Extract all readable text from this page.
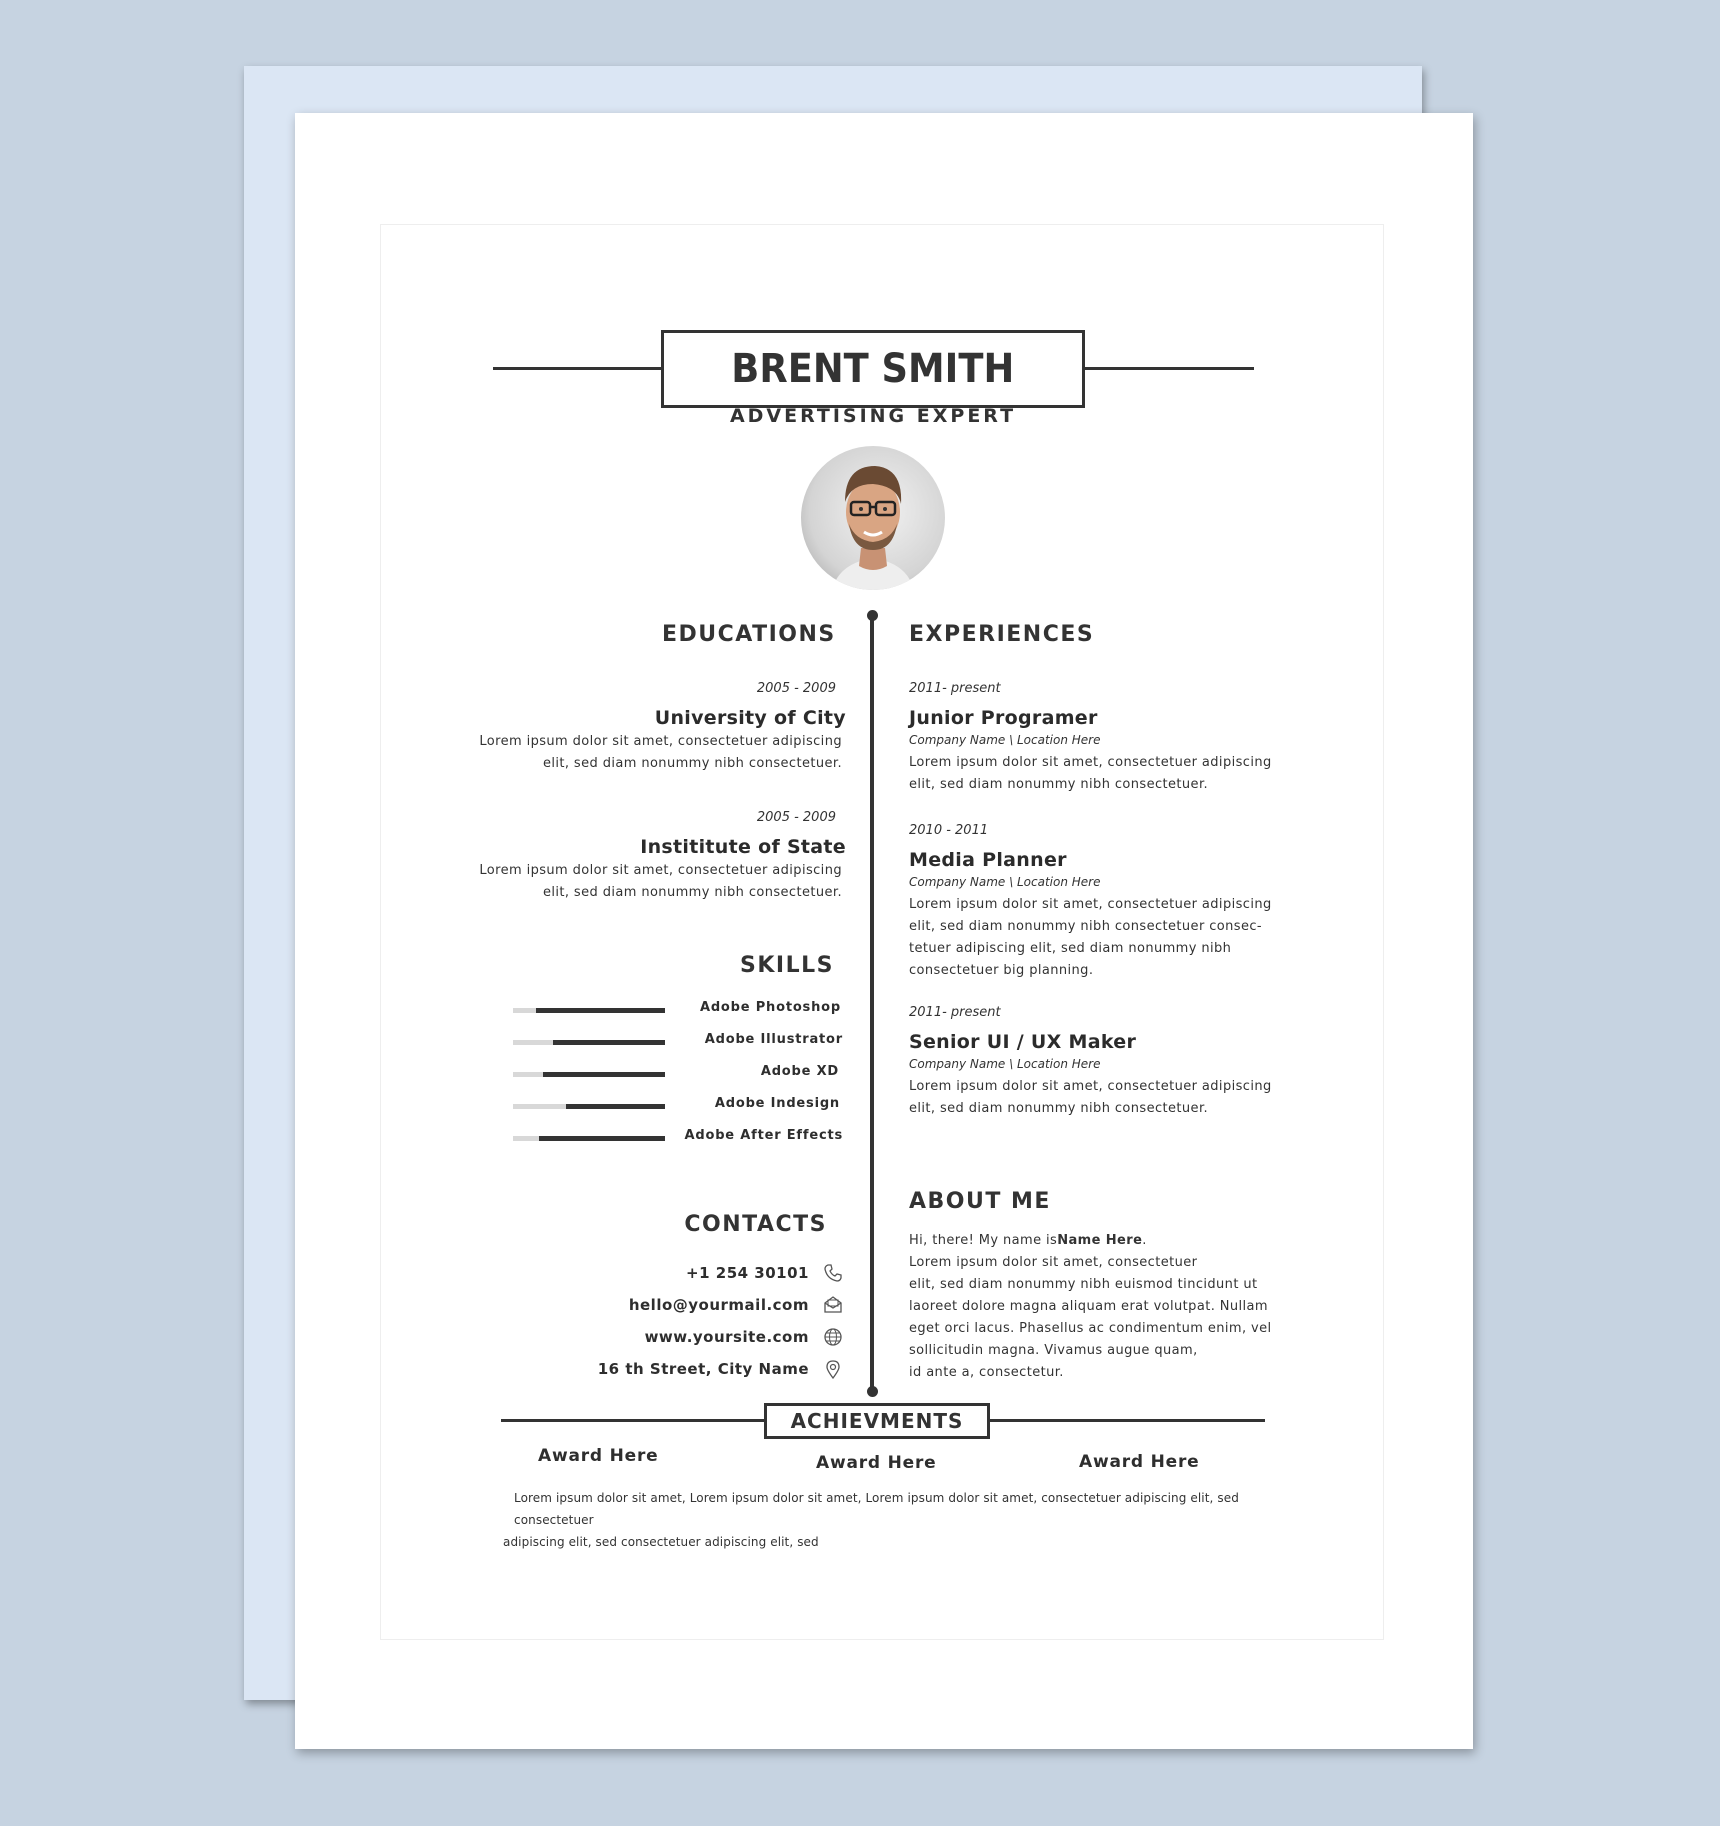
BRENT SMITH
ADVERTISING EXPERT
EDUCATIONS
2005 - 2009
University of City
Lorem ipsum dolor sit amet, consectetuer adipiscing
elit, sed diam nonummy nibh consectetuer.
2005 - 2009
Instititute of State
Lorem ipsum dolor sit amet, consectetuer adipiscing
elit, sed diam nonummy nibh consectetuer.
SKILLS
Adobe Photoshop
Adobe Illustrator
Adobe XD
Adobe Indesign
Adobe After Effects
CONTACTS
+1 254 30101
hello@yourmail.com
www.yoursite.com
16 th Street, City Name
EXPERIENCES
2011- present
Junior Programer
Company Name \ Location Here
Lorem ipsum dolor sit amet, consectetuer adipiscing
elit, sed diam nonummy nibh consectetuer.
2010 - 2011
Media Planner
Company Name \ Location Here
Lorem ipsum dolor sit amet, consectetuer adipiscing
elit, sed diam nonummy nibh consectetuer consec-
tetuer adipiscing elit, sed diam nonummy nibh
consectetuer big planning.
2011- present
Senior UI / UX Maker
Company Name \ Location Here
Lorem ipsum dolor sit amet, consectetuer adipiscing
elit, sed diam nonummy nibh consectetuer.
ABOUT ME
Hi, there! My name isName Here.
Lorem ipsum dolor sit amet, consectetuer
elit, sed diam nonummy nibh euismod tincidunt ut
laoreet dolore magna aliquam erat volutpat. Nullam
eget orci lacus. Phasellus ac condimentum enim, vel
sollicitudin magna. Vivamus augue quam,
id ante a, consectetur.
ACHIEVMENTS
Award Here	Award Here	Award Here
Lorem ipsum dolor sit amet, Lorem ipsum dolor sit amet, Lorem ipsum dolor sit amet, consectetuer adipiscing elit, sed consectetuer
adipiscing elit, sed consectetuer adipiscing elit, sed
